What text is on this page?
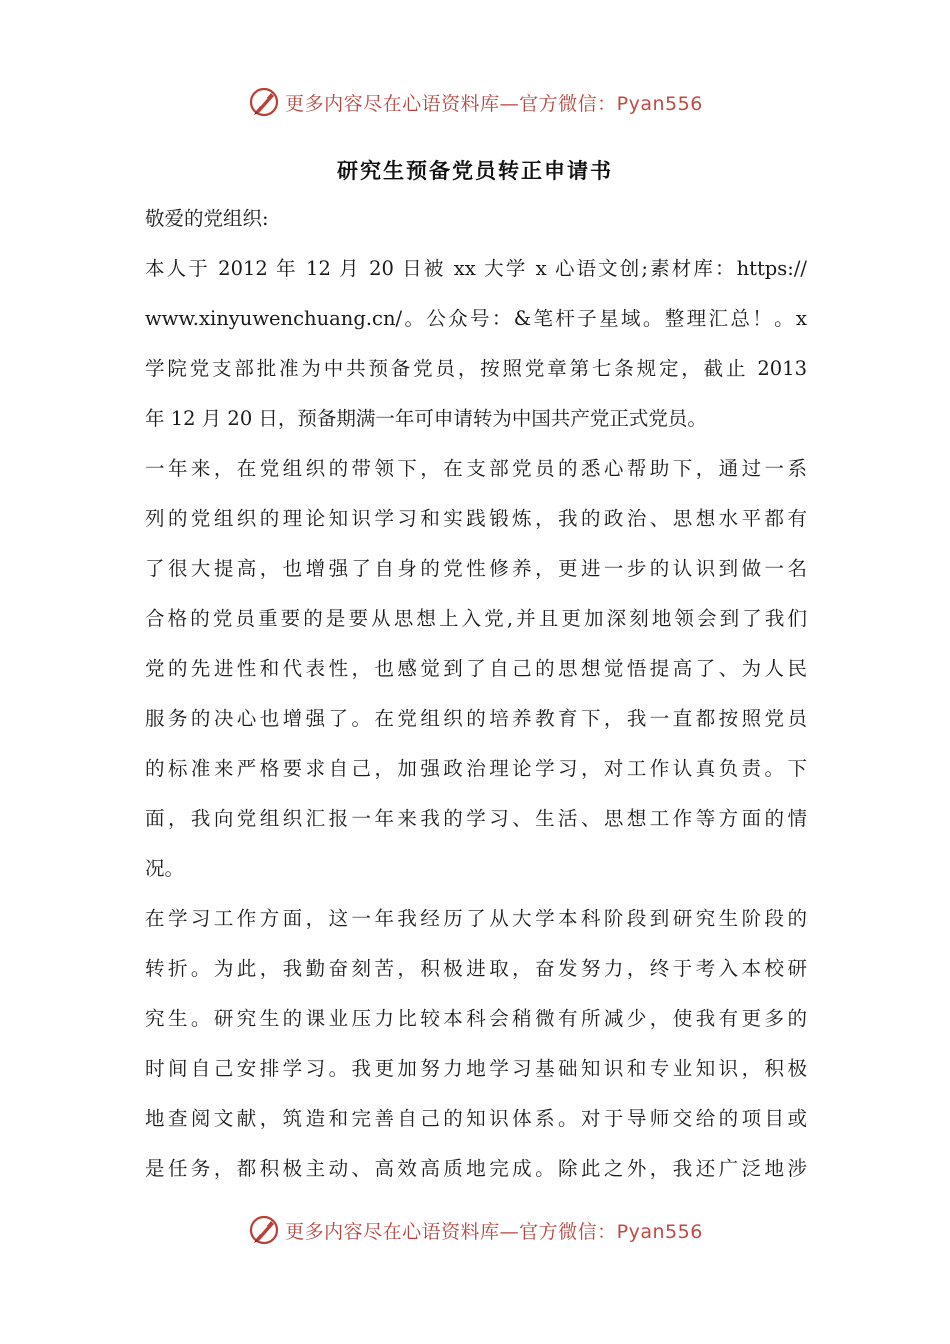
更多内容尽在心语资料库—官方微信：Pyan556
研究生预备党员转正申请书
敬爱的党组织:
本人于 2012 年 12 月 20 日被 xx 大学 x 心语文创;素材库：https://
www.xinyuwenchuang.cn/。公众号：&笔杆子星域。整理汇总！。x
学院党支部批准为中共预备党员，按照党章第七条规定，截止 2013
年 12 月 20 日，预备期满一年可申请转为中国共产党正式党员。
一年来，在党组织的带领下，在支部党员的悉心帮助下，通过一系
列的党组织的理论知识学习和实践锻炼，我的政治、思想水平都有
了很大提高，也增强了自身的党性修养，更进一步的认识到做一名
合格的党员重要的是要从思想上入党,并且更加深刻地领会到了我们
党的先进性和代表性，也感觉到了自己的思想觉悟提高了、为人民
服务的决心也增强了。在党组织的培养教育下，我一直都按照党员
的标准来严格要求自己，加强政治理论学习，对工作认真负责。下
面，我向党组织汇报一年来我的学习、生活、思想工作等方面的情
况。
在学习工作方面，这一年我经历了从大学本科阶段到研究生阶段的
转折。为此，我勤奋刻苦，积极进取，奋发努力，终于考入本校研
究生。研究生的课业压力比较本科会稍微有所减少，使我有更多的
时间自己安排学习。我更加努力地学习基础知识和专业知识，积极
地查阅文献，筑造和完善自己的知识体系。对于导师交给的项目或
是任务，都积极主动、高效高质地完成。除此之外，我还广泛地涉
更多内容尽在心语资料库—官方微信：Pyan556
